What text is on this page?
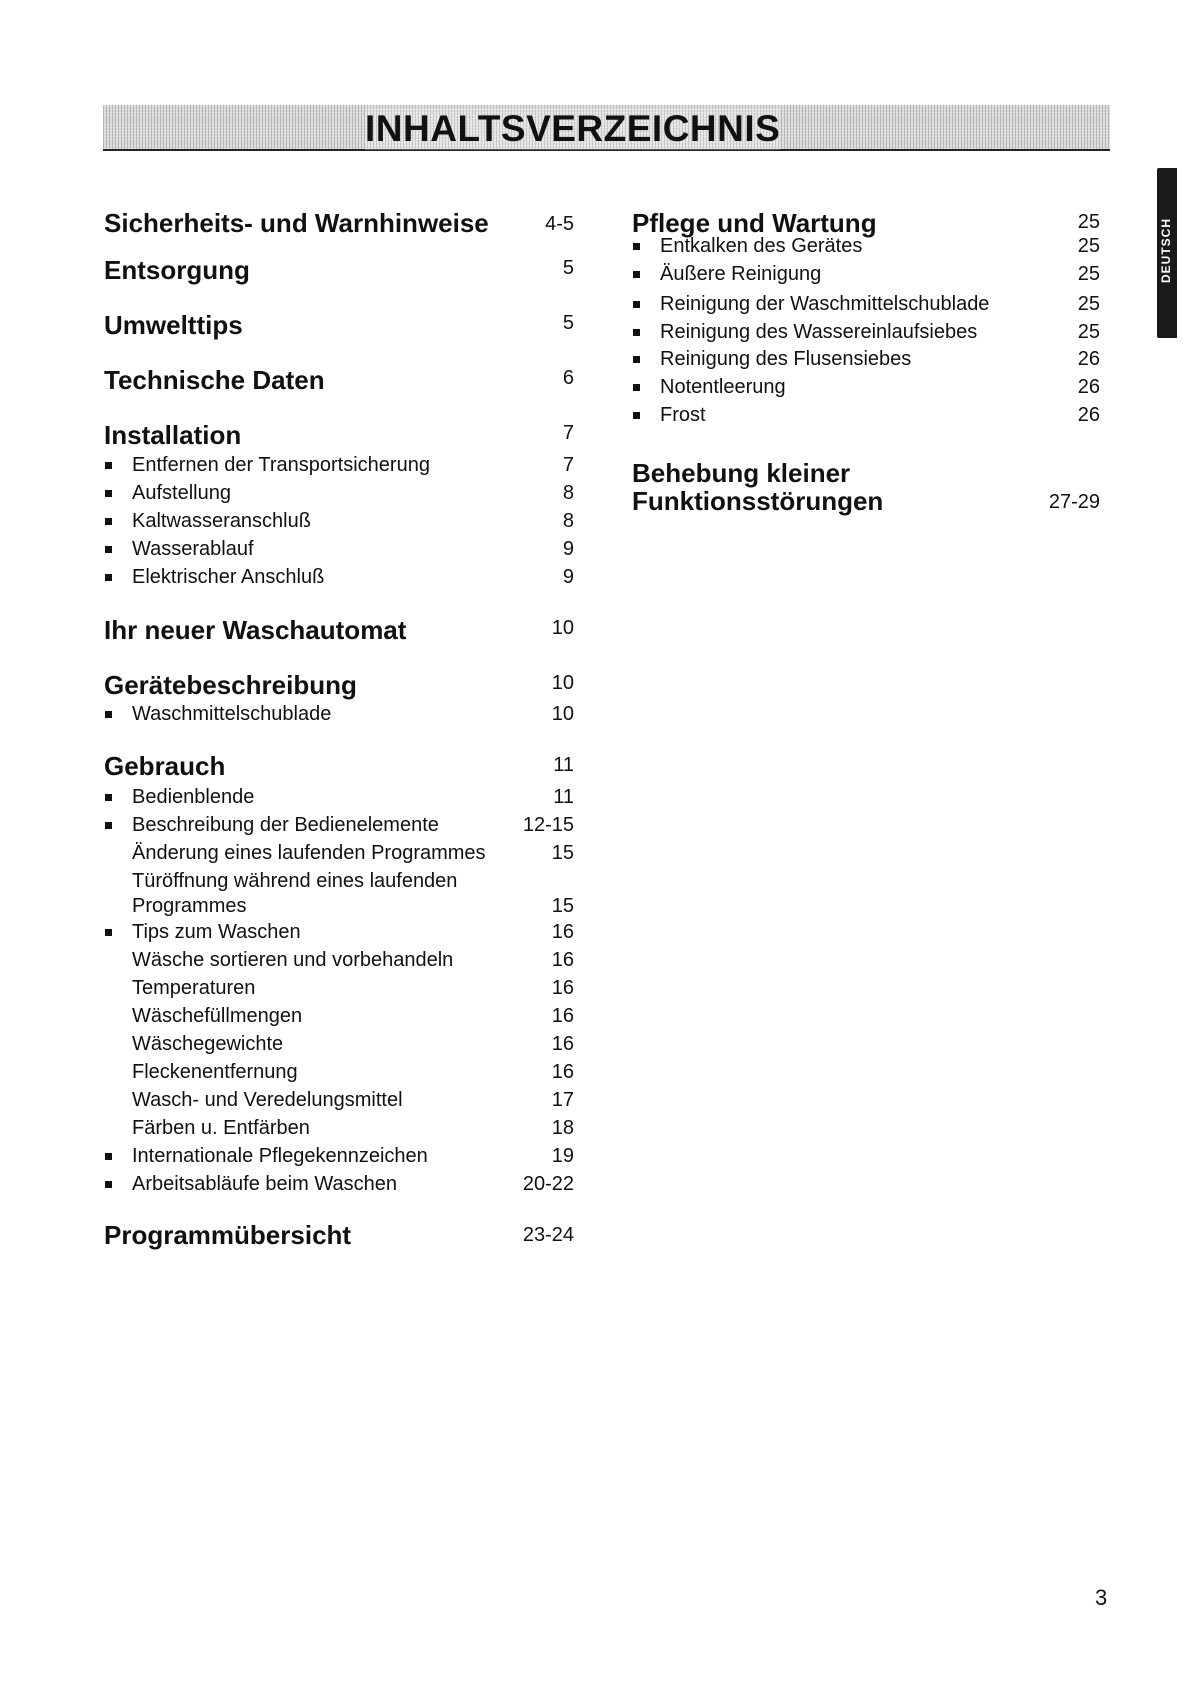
INHALTSVERZEICHNIS
DEUTSCH
Sicherheits- und Warnhinweise	4-5
Entsorgung	5
Umwelttips	5
Technische Daten	6
Installation	7
Entfernen der Transportsicherung	7
Aufstellung	8
Kaltwasseranschluß	8
Wasserablauf	9
Elektrischer Anschluß	9
Ihr neuer Waschautomat	10
Gerätebeschreibung	10
Waschmittelschublade	10
Gebrauch	11
Bedienblende	11
Beschreibung der Bedienelemente	12-15
Änderung eines laufenden Programmes	15
Türöffnung während eines laufenden
Programmes	15
Tips zum Waschen	16
Wäsche sortieren und vorbehandeln	16
Temperaturen	16
Wäschefüllmengen	16
Wäschegewichte	16
Fleckenentfernung	16
Wasch- und Veredelungsmittel	17
Färben u. Entfärben	18
Internationale Pflegekennzeichen	19
Arbeitsabläufe beim Waschen	20-22
Programmübersicht	23-24
Pflege und Wartung	25
Entkalken des Gerätes	25
Äußere Reinigung	25
Reinigung der Waschmittelschublade	25
Reinigung des Wassereinlaufsiebes	25
Reinigung des Flusensiebes	26
Notentleerung	26
Frost	26
Behebung kleiner
Funktionsstörungen	27-29
3
